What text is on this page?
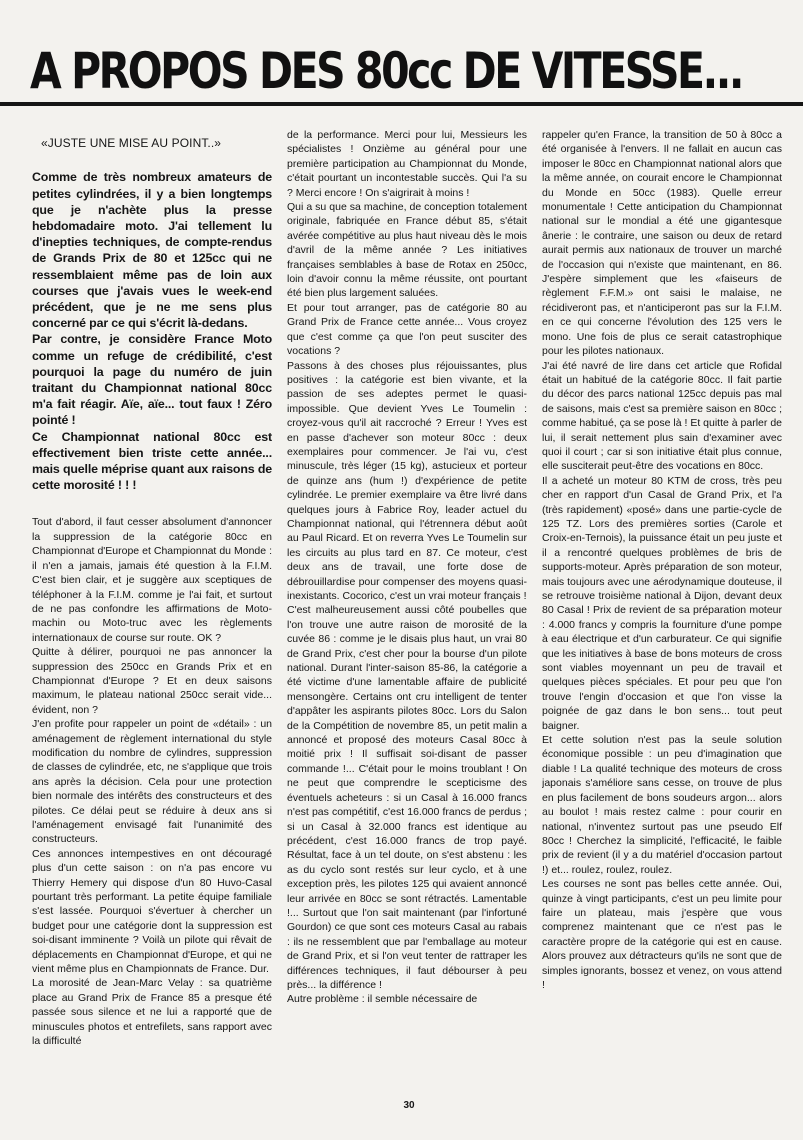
A PROPOS DES 80cc DE VITESSE...

«JUSTE UNE MISE AU POINT..»

Comme de très nombreux amateurs de petites cylindrées, il y a bien longtemps que je n'achète plus la presse hebdomadaire moto. J'ai tellement lu d'inepties techniques, de compte-rendus de Grands Prix de 80 et 125cc qui ne ressemblaient même pas de loin aux courses que j'avais vues le week-end précédent, que je ne me sens plus concerné par ce qui s'écrit là-dedans.

Par contre, je considère France Moto comme un refuge de crédibilité, c'est pourquoi la page du numéro de juin traitant du Championnat national 80cc m'a fait réagir. Aïe, aïe... tout faux ! Zéro pointé !

Ce Championnat national 80cc est effectivement bien triste cette année... mais quelle méprise quant aux raisons de cette morosité ! ! !

Tout d'abord, il faut cesser absolument d'annoncer la suppression de la catégorie 80cc en Championnat d'Europe et Championnat du Monde : il n'en a jamais, jamais été question à la F.I.M. C'est bien clair, et je suggère aux sceptiques de téléphoner à la F.I.M. comme je l'ai fait, et surtout de ne pas confondre les affirmations de Moto-machin ou Moto-truc avec les règlements internationaux de course sur route. OK ?

Quitte à délirer, pourquoi ne pas annoncer la suppression des 250cc en Grands Prix et en Championnat d'Europe ? Et en deux saisons maximum, le plateau national 250cc serait vide... évident, non ?

J'en profite pour rappeler un point de «détail» : un aménagement de règlement international du style modification du nombre de cylindres, suppression de classes de cylindrée, etc, ne s'applique que trois ans après la décision. Cela pour une protection bien normale des intérêts des constructeurs et des pilotes. Ce délai peut se réduire à deux ans si l'aménagement envisagé fait l'unanimité des constructeurs.

Ces annonces intempestives en ont découragé plus d'un cette saison : on n'a pas encore vu Thierry Hemery qui dispose d'un 80 Huvo-Casal pourtant très performant. La petite équipe familiale s'est lassée. Pourquoi s'évertuer à chercher un budget pour une catégorie dont la suppression est soi-disant imminente ? Voilà un pilote qui rêvait de déplacements en Championnat d'Europe, et qui ne vient même plus en Championnats de France. Dur.

La morosité de Jean-Marc Velay : sa quatrième place au Grand Prix de France 85 a presque été passée sous silence et ne lui a rapporté que de minuscules photos et entrefilets, sans rapport avec la difficulté

de la performance. Merci pour lui, Messieurs les spécialistes ! Onzième au général pour une première participation au Championnat du Monde, c'était pourtant un incontestable succès. Qui l'a su ? Merci encore ! On s'aigrirait à moins !

Qui a su que sa machine, de conception totalement originale, fabriquée en France début 85, s'était avérée compétitive au plus haut niveau dès le mois d'avril de la même année ? Les initiatives françaises semblables à base de Rotax en 250cc, loin d'avoir connu la même réussite, ont pourtant été bien plus largement saluées.

Et pour tout arranger, pas de catégorie 80 au Grand Prix de France cette année... Vous croyez que c'est comme ça que l'on peut susciter des vocations ?

Passons à des choses plus réjouissantes, plus positives : la catégorie est bien vivante, et la passion de ses adeptes permet le quasi-impossible. Que devient Yves Le Toumelin : croyez-vous qu'il ait raccroché ? Erreur ! Yves est en passe d'achever son moteur 80cc : deux exemplaires pour commencer. Je l'ai vu, c'est minuscule, très léger (15 kg), astucieux et porteur de quinze ans (hum !) d'expérience de petite cylindrée. Le premier exemplaire va être livré dans quelques jours à Fabrice Roy, leader actuel du Championnat national, qui l'étrennera début août au Paul Ricard. Et on reverra Yves Le Toumelin sur les circuits au plus tard en 87. Ce moteur, c'est deux ans de travail, une forte dose de débrouillardise pour compenser des moyens quasi-inexistants. Cocorico, c'est un vrai moteur français !

C'est malheureusement aussi côté poubelles que l'on trouve une autre raison de morosité de la cuvée 86 : comme je le disais plus haut, un vrai 80 de Grand Prix, c'est cher pour la bourse d'un pilote national. Durant l'inter-saison 85-86, la catégorie a été victime d'une lamentable affaire de publicité mensongère. Certains ont cru intelligent de tenter d'appâter les aspirants pilotes 80cc. Lors du Salon de la Compétition de novembre 85, un petit malin a annoncé et proposé des moteurs Casal 80cc à moitié prix ! Il suffisait soi-disant de passer commande !... C'était pour le moins troublant ! On ne peut que comprendre le scepticisme des éventuels acheteurs : si un Casal à 16.000 francs n'est pas compétitif, c'est 16.000 francs de perdus ; si un Casal à 32.000 francs est identique au précédent, c'est 16.000 francs de trop payé. Résultat, face à un tel doute, on s'est abstenu : les as du cyclo sont restés sur leur cyclo, et à une exception près, les pilotes 125 qui avaient annoncé leur arrivée en 80cc se sont rétractés. Lamentable !... Surtout que l'on sait maintenant (par l'infortuné Gourdon) ce que sont ces moteurs Casal au rabais : ils ne ressemblent que par l'emballage au moteur de Grand Prix, et si l'on veut tenter de rattraper les différences techniques, il faut débourser à peu près... la différence !

Autre problème : il semble nécessaire de

rappeler qu'en France, la transition de 50 à 80cc a été organisée à l'envers. Il ne fallait en aucun cas imposer le 80cc en Championnat national alors que la même année, on courait encore le Championnat du Monde en 50cc (1983). Quelle erreur monumentale ! Cette anticipation du Championnat national sur le mondial a été une gigantesque ânerie : le contraire, une saison ou deux de retard aurait permis aux nationaux de trouver un marché de l'occasion qui n'existe que maintenant, en 86. J'espère simplement que les «faiseurs de règlement F.F.M.» ont saisi le malaise, ne récidiveront pas, et n'anticiperont pas sur la F.I.M. en ce qui concerne l'évolution des 125 vers le mono. Une fois de plus ce serait catastrophique pour les pilotes nationaux.

J'ai été navré de lire dans cet article que Rofidal était un habitué de la catégorie 80cc. Il fait partie du décor des parcs national 125cc depuis pas mal de saisons, mais c'est sa première saison en 80cc ; comme habitué, ça se pose là ! Et quitte à parler de lui, il serait nettement plus sain d'examiner avec quoi il court ; car si son initiative était plus connue, elle susciterait peut-être des vocations en 80cc.

Il a acheté un moteur 80 KTM de cross, très peu cher en rapport d'un Casal de Grand Prix, et l'a (très rapidement) «posé» dans une partie-cycle de 125 TZ. Lors des premières sorties (Carole et Croix-en-Ternois), la puissance était un peu juste et il a rencontré quelques problèmes de bris de supports-moteur. Après préparation de son moteur, mais toujours avec une aérodynamique douteuse, il se retrouve troisième national à Dijon, devant deux 80 Casal ! Prix de revient de sa préparation moteur : 4.000 francs y compris la fourniture d'une pompe à eau électrique et d'un carburateur. Ce qui signifie que les initiatives à base de bons moteurs de cross sont viables moyennant un peu de travail et quelques pièces spéciales. Et pour peu que l'on trouve l'engin d'occasion et que l'on visse la poignée de gaz dans le bon sens... tout peut baigner.

Et cette solution n'est pas la seule solution économique possible : un peu d'imagination que diable ! La qualité technique des moteurs de cross japonais s'améliore sans cesse, on trouve de plus en plus facilement de bons soudeurs argon... alors au boulot ! mais restez calme : pour courir en national, n'inventez surtout pas une pseudo Elf 80cc ! Cherchez la simplicité, l'efficacité, le faible prix de revient (il y a du matériel d'occasion partout !) et... roulez, roulez, roulez.

Les courses ne sont pas belles cette année. Oui, quinze à vingt participants, c'est un peu limite pour faire un plateau, mais j'espère que vous comprenez maintenant que ce n'est pas le caractère propre de la catégorie qui est en cause. Alors prouvez aux détracteurs qu'ils ne sont que de simples ignorants, bossez et venez, on vous attend !

30
